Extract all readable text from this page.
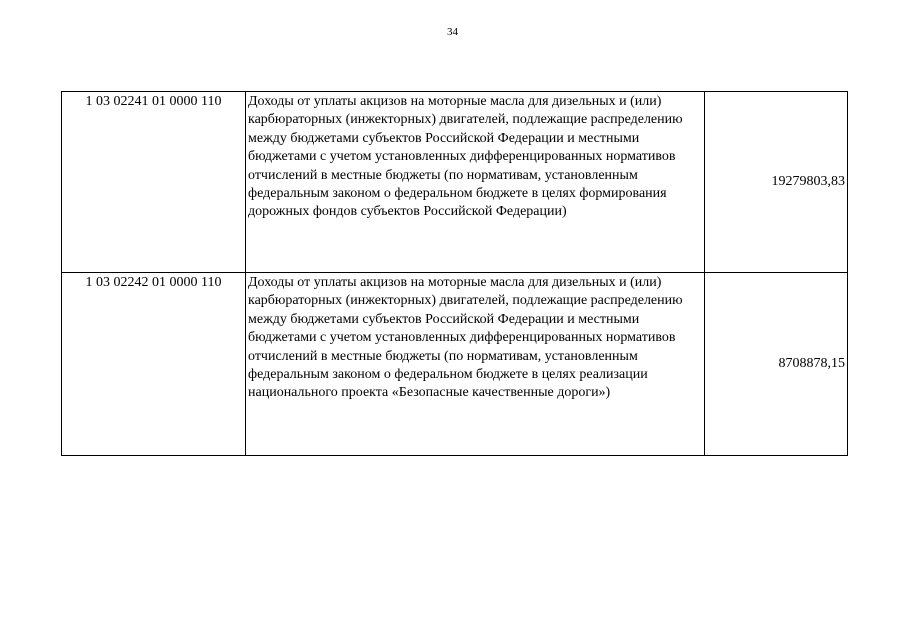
34
1 03 02241 01 0000 110	Доходы от уплаты акцизов на моторные масла для дизельных и (или) карбюраторных (инжекторных) двигателей, подлежащие распределению между бюджетами субъектов Российской Федерации и местными бюджетами с учетом установленных дифференцированных нормативов отчислений в местные бюджеты (по нормативам, установленным федеральным законом о федеральном бюджете в целях формирования дорожных фондов субъектов Российской Федерации)	19279803,83
1 03 02242 01 0000 110	Доходы от уплаты акцизов на моторные масла для дизельных и (или) карбюраторных (инжекторных) двигателей, подлежащие распределению между бюджетами субъектов Российской Федерации и местными бюджетами с учетом установленных дифференцированных нормативов отчислений в местные бюджеты (по нормативам, установленным федеральным законом о федеральном бюджете в целях реализации национального проекта «Безопасные качественные дороги»)	8708878,15
